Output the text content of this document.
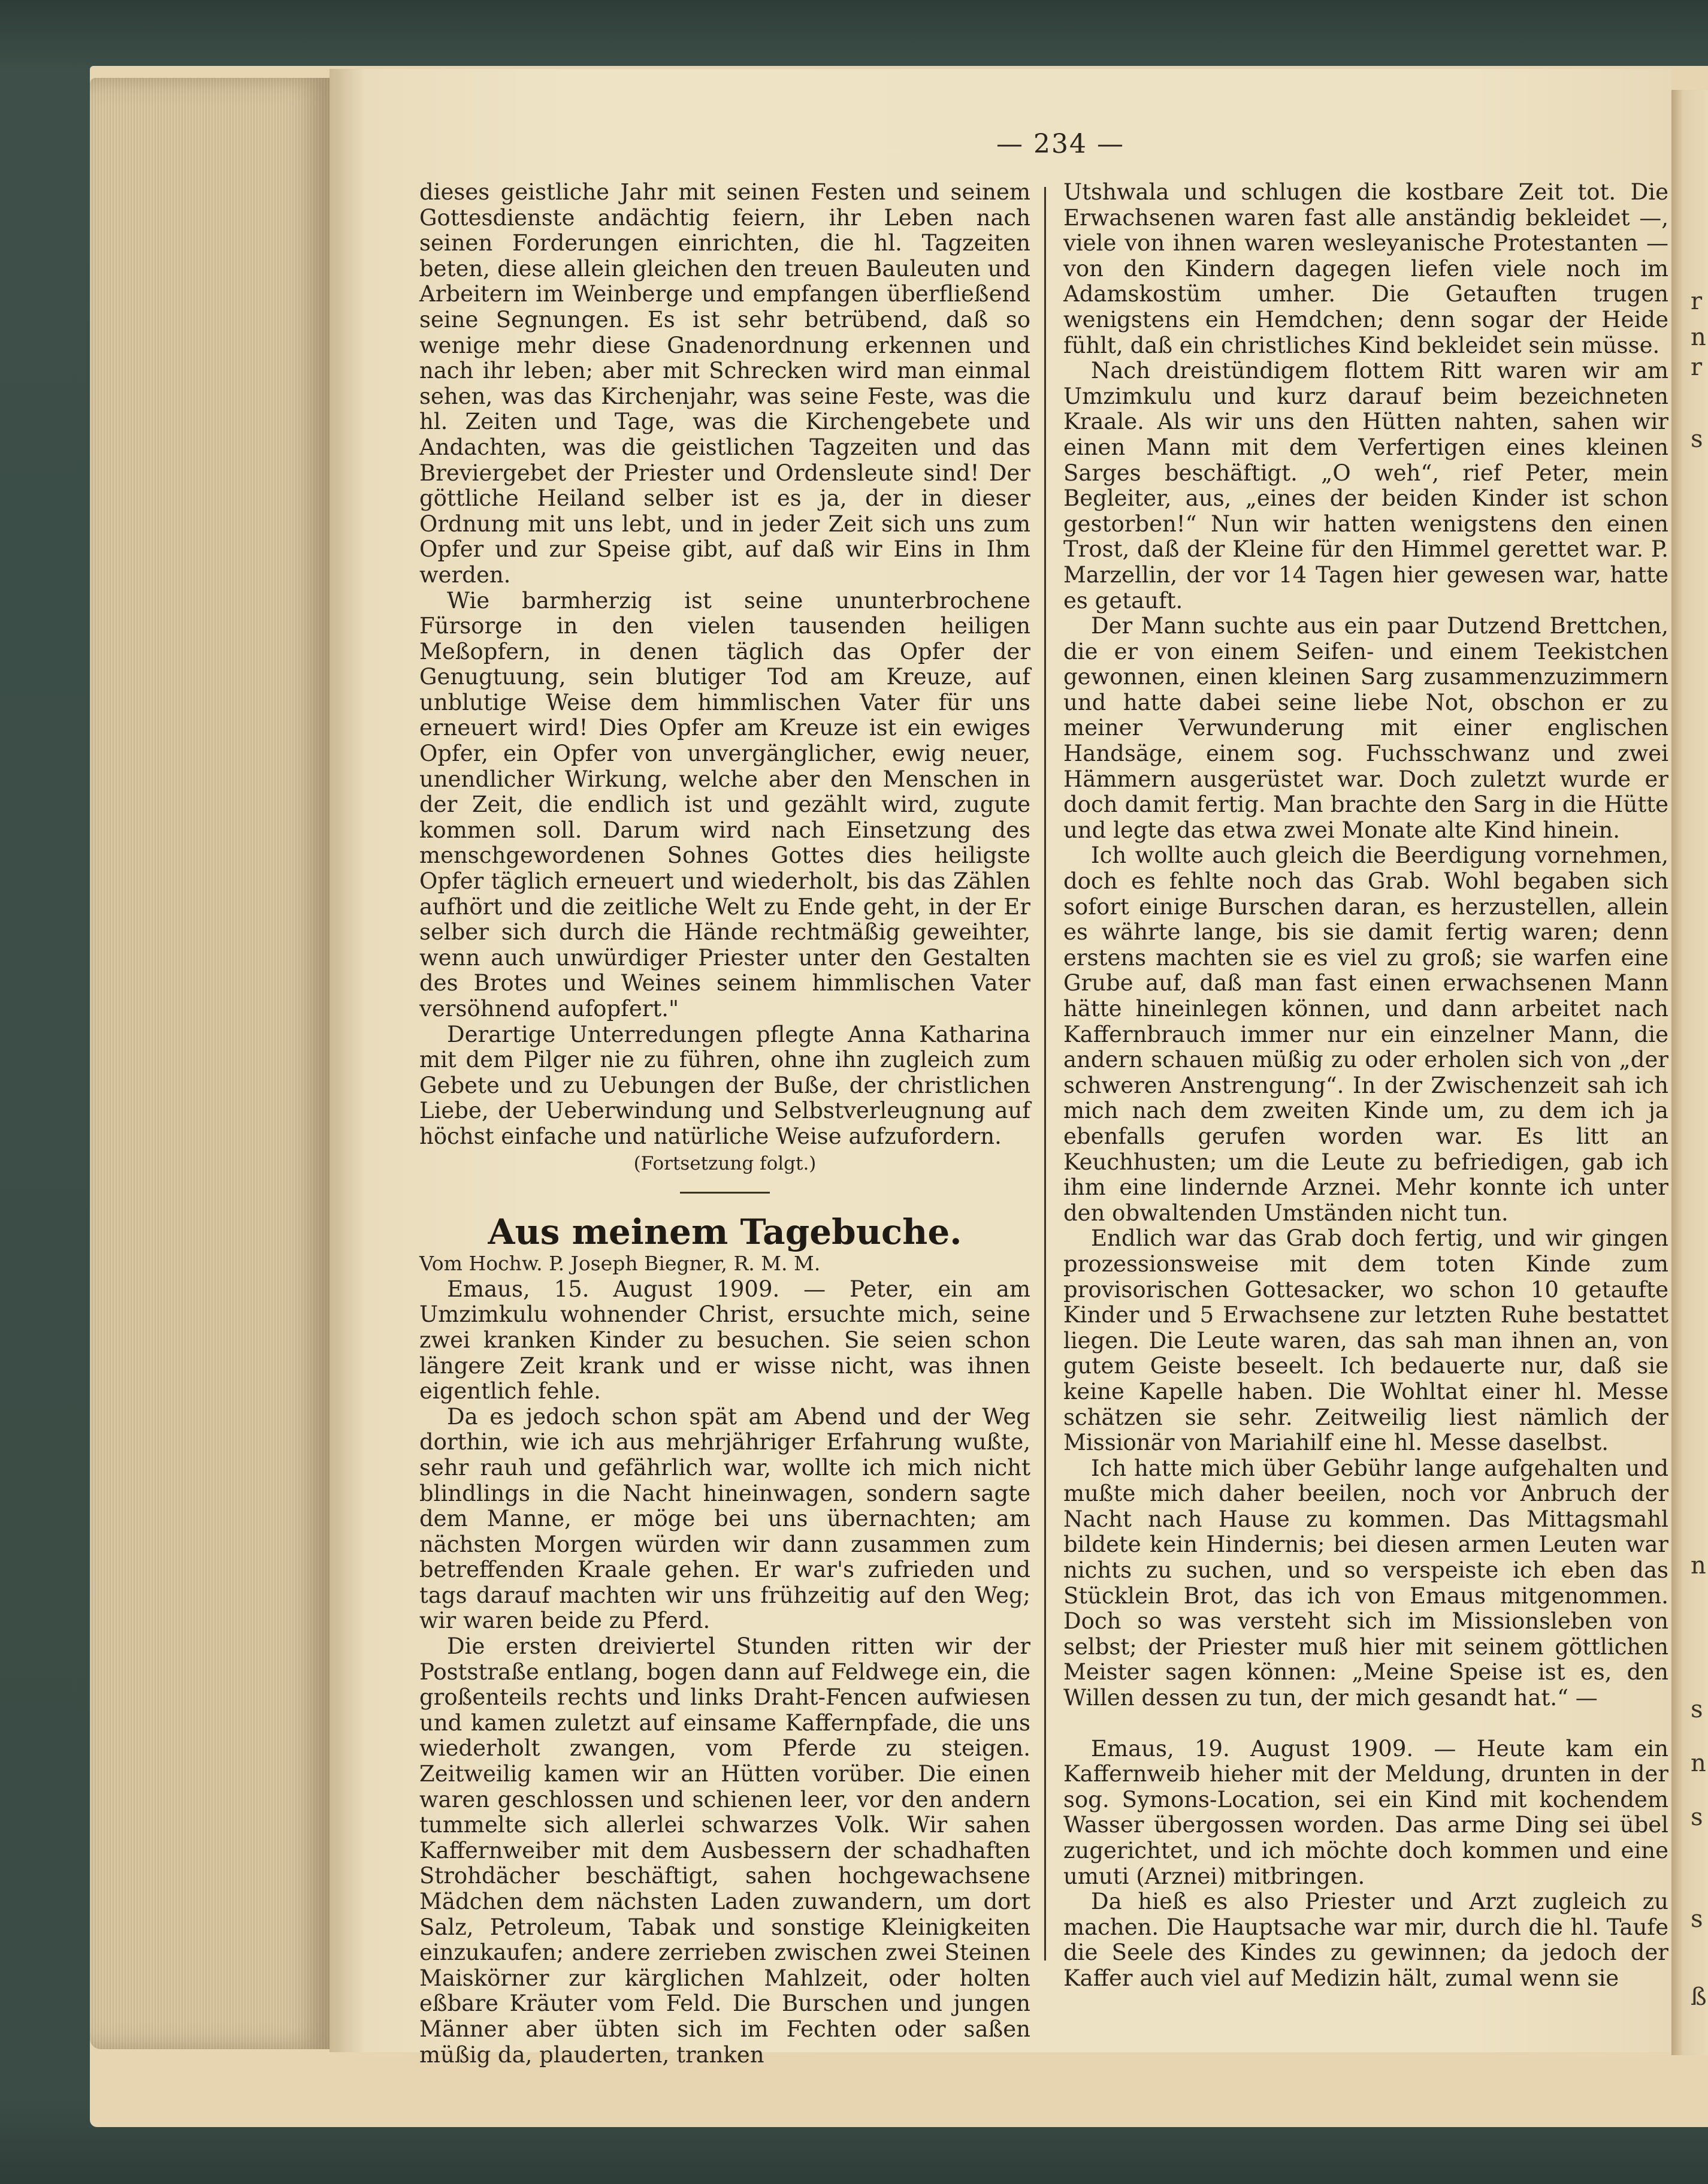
r
n
r
s
n
s
n
s
s
ß
— 234 —

dieses geistliche Jahr mit seinen Festen und seinem Gottesdienste andächtig feiern, ihr Leben nach seinen Forderungen einrichten, die hl. Tagzeiten beten, diese allein gleichen den treuen Bauleuten und Arbeitern im Weinberge und empfangen überfließend seine Segnungen. Es ist sehr betrübend, daß so wenige mehr diese Gnadenordnung erkennen und nach ihr leben; aber mit Schrecken wird man einmal sehen, was das Kirchenjahr, was seine Feste, was die hl. Zeiten und Tage, was die Kirchengebete und Andachten, was die geistlichen Tagzeiten und das Breviergebet der Priester und Ordensleute sind! Der göttliche Heiland selber ist es ja, der in dieser Ordnung mit uns lebt, und in jeder Zeit sich uns zum Opfer und zur Speise gibt, auf daß wir Eins in Ihm werden.

Wie barmherzig ist seine ununterbrochene Fürsorge in den vielen tausenden heiligen Meßopfern, in denen täglich das Opfer der Genugtuung, sein blutiger Tod am Kreuze, auf unblutige Weise dem himmlischen Vater für uns erneuert wird! Dies Opfer am Kreuze ist ein ewiges Opfer, ein Opfer von unvergänglicher, ewig neuer, unendlicher Wirkung, welche aber den Menschen in der Zeit, die endlich ist und gezählt wird, zugute kommen soll. Darum wird nach Einsetzung des menschgewordenen Sohnes Gottes dies heiligste Opfer täglich erneuert und wiederholt, bis das Zählen aufhört und die zeitliche Welt zu Ende geht, in der Er selber sich durch die Hände rechtmäßig geweihter, wenn auch unwürdiger Priester unter den Gestalten des Brotes und Weines seinem himmlischen Vater versöhnend aufopfert."

Derartige Unterredungen pflegte Anna Katharina mit dem Pilger nie zu führen, ohne ihn zugleich zum Gebete und zu Uebungen der Buße, der christlichen Liebe, der Ueberwindung und Selbstverleugnung auf höchst einfache und natürliche Weise aufzufordern.

(Fortsetzung folgt.)

Aus meinem Tagebuche.

Vom Hochw. P. Joseph Biegner, R. M. M.

Emaus, 15. August 1909. — Peter, ein am Umzimkulu wohnender Christ, ersuchte mich, seine zwei kranken Kinder zu besuchen. Sie seien schon längere Zeit krank und er wisse nicht, was ihnen eigentlich fehle.

Da es jedoch schon spät am Abend und der Weg dorthin, wie ich aus mehrjähriger Erfahrung wußte, sehr rauh und gefährlich war, wollte ich mich nicht blindlings in die Nacht hineinwagen, sondern sagte dem Manne, er möge bei uns übernachten; am nächsten Morgen würden wir dann zusammen zum betreffenden Kraale gehen. Er war's zufrieden und tags darauf machten wir uns frühzeitig auf den Weg; wir waren beide zu Pferd.

Die ersten dreiviertel Stunden ritten wir der Poststraße entlang, bogen dann auf Feldwege ein, die großenteils rechts und links Draht-Fencen aufwiesen und kamen zuletzt auf einsame Kaffernpfade, die uns wiederholt zwangen, vom Pferde zu steigen. Zeitweilig kamen wir an Hütten vorüber. Die einen waren geschlossen und schienen leer, vor den andern tummelte sich allerlei schwarzes Volk. Wir sahen Kaffernweiber mit dem Ausbessern der schadhaften Strohdächer beschäftigt, sahen hochgewachsene Mädchen dem nächsten Laden zuwandern, um dort Salz, Petroleum, Tabak und sonstige Kleinigkeiten einzukaufen; andere zerrieben zwischen zwei Steinen Maiskörner zur kärglichen Mahlzeit, oder holten eßbare Kräuter vom Feld. Die Burschen und jungen Männer aber übten sich im Fechten oder saßen müßig da, plauderten, tranken

Utshwala und schlugen die kostbare Zeit tot. Die Erwachsenen waren fast alle anständig bekleidet —, viele von ihnen waren wesleyanische Protestanten — von den Kindern dagegen liefen viele noch im Adamskostüm umher. Die Getauften trugen wenigstens ein Hemdchen; denn sogar der Heide fühlt, daß ein christliches Kind bekleidet sein müsse.

Nach dreistündigem flottem Ritt waren wir am Umzimkulu und kurz darauf beim bezeichneten Kraale. Als wir uns den Hütten nahten, sahen wir einen Mann mit dem Verfertigen eines kleinen Sarges beschäftigt. „O weh“, rief Peter, mein Begleiter, aus, „eines der beiden Kinder ist schon gestorben!“ Nun wir hatten wenigstens den einen Trost, daß der Kleine für den Himmel gerettet war. P. Marzellin, der vor 14 Tagen hier gewesen war, hatte es getauft.

Der Mann suchte aus ein paar Dutzend Brettchen, die er von einem Seifen- und einem Teekistchen gewonnen, einen kleinen Sarg zusammenzuzimmern und hatte dabei seine liebe Not, obschon er zu meiner Verwunderung mit einer englischen Handsäge, einem sog. Fuchsschwanz und zwei Hämmern ausgerüstet war. Doch zuletzt wurde er doch damit fertig. Man brachte den Sarg in die Hütte und legte das etwa zwei Monate alte Kind hinein.

Ich wollte auch gleich die Beerdigung vornehmen, doch es fehlte noch das Grab. Wohl begaben sich sofort einige Burschen daran, es herzustellen, allein es währte lange, bis sie damit fertig waren; denn erstens machten sie es viel zu groß; sie warfen eine Grube auf, daß man fast einen erwachsenen Mann hätte hineinlegen können, und dann arbeitet nach Kaffernbrauch immer nur ein einzelner Mann, die andern schauen müßig zu oder erholen sich von „der schweren Anstrengung“. In der Zwischenzeit sah ich mich nach dem zweiten Kinde um, zu dem ich ja ebenfalls gerufen worden war. Es litt an Keuchhusten; um die Leute zu befriedigen, gab ich ihm eine lindernde Arznei. Mehr konnte ich unter den obwaltenden Umständen nicht tun.

Endlich war das Grab doch fertig, und wir gingen prozessionsweise mit dem toten Kinde zum provisorischen Gottesacker, wo schon 10 getaufte Kinder und 5 Erwachsene zur letzten Ruhe bestattet liegen. Die Leute waren, das sah man ihnen an, von gutem Geiste beseelt. Ich bedauerte nur, daß sie keine Kapelle haben. Die Wohltat einer hl. Messe schätzen sie sehr. Zeitweilig liest nämlich der Missionär von Mariahilf eine hl. Messe daselbst.

Ich hatte mich über Gebühr lange aufgehalten und mußte mich daher beeilen, noch vor Anbruch der Nacht nach Hause zu kommen. Das Mittagsmahl bildete kein Hindernis; bei diesen armen Leuten war nichts zu suchen, und so verspeiste ich eben das Stücklein Brot, das ich von Emaus mitgenommen. Doch so was versteht sich im Missionsleben von selbst; der Priester muß hier mit seinem göttlichen Meister sagen können: „Meine Speise ist es, den Willen dessen zu tun, der mich gesandt hat.“ —

Emaus, 19. August 1909. — Heute kam ein Kaffernweib hieher mit der Meldung, drunten in der sog. Symons-Location, sei ein Kind mit kochendem Wasser übergossen worden. Das arme Ding sei übel zugerichtet, und ich möchte doch kommen und eine umuti (Arznei) mitbringen.

Da hieß es also Priester und Arzt zugleich zu machen. Die Hauptsache war mir, durch die hl. Taufe die Seele des Kindes zu gewinnen; da jedoch der Kaffer auch viel auf Medizin hält, zumal wenn sie
